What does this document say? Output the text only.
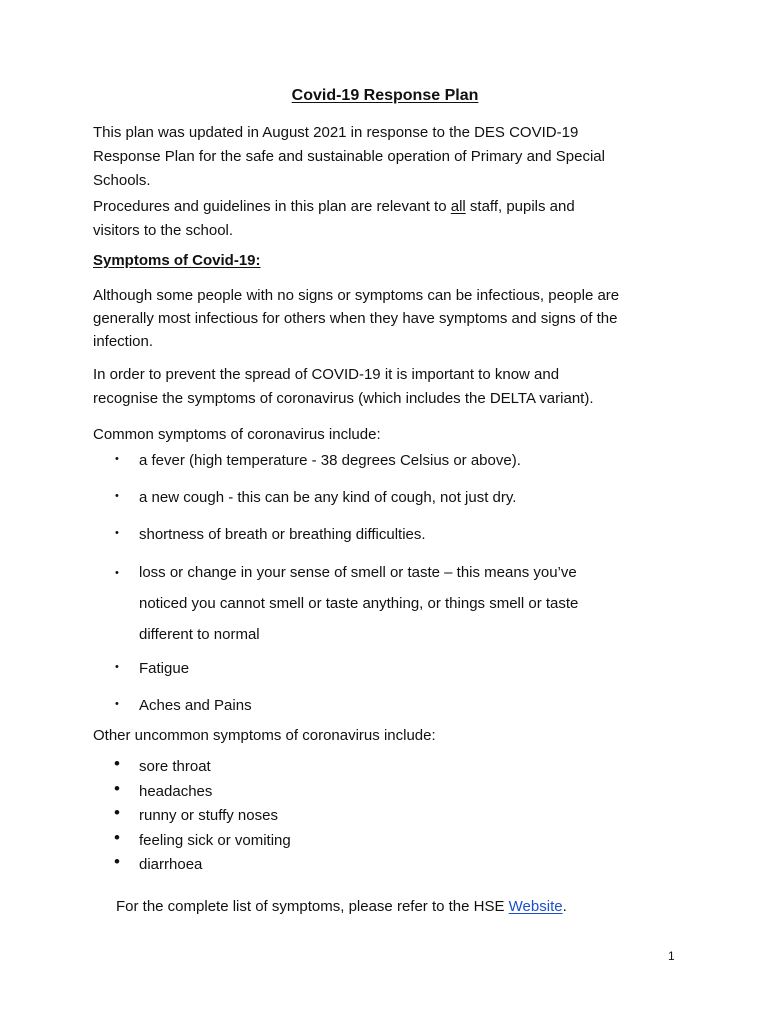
Covid-19 Response Plan

This plan was updated in August 2021 in response to the DES COVID-19
Response Plan for the safe and sustainable operation of Primary and Special
Schools.

Procedures and guidelines in this plan are relevant to all staff, pupils and
visitors to the school.

Symptoms of Covid-19:

Although some people with no signs or symptoms can be infectious, people are
generally most infectious for others when they have symptoms and signs of the
infection.

In order to prevent the spread of COVID-19 it is important to know and
recognise the symptoms of coronavirus (which includes the DELTA variant).

Common symptoms of coronavirus include:

• a fever (high temperature - 38 degrees Celsius or above).
• a new cough - this can be any kind of cough, not just dry.
• shortness of breath or breathing difficulties.
• loss or change in your sense of smell or taste – this means you’ve
noticed you cannot smell or taste anything, or things smell or taste
different to normal
• Fatigue
• Aches and Pains

Other uncommon symptoms of coronavirus include:

• sore throat
• headaches
• runny or stuffy noses
• feeling sick or vomiting
• diarrhoea
For the complete list of symptoms, please refer to the HSE Website.
1
